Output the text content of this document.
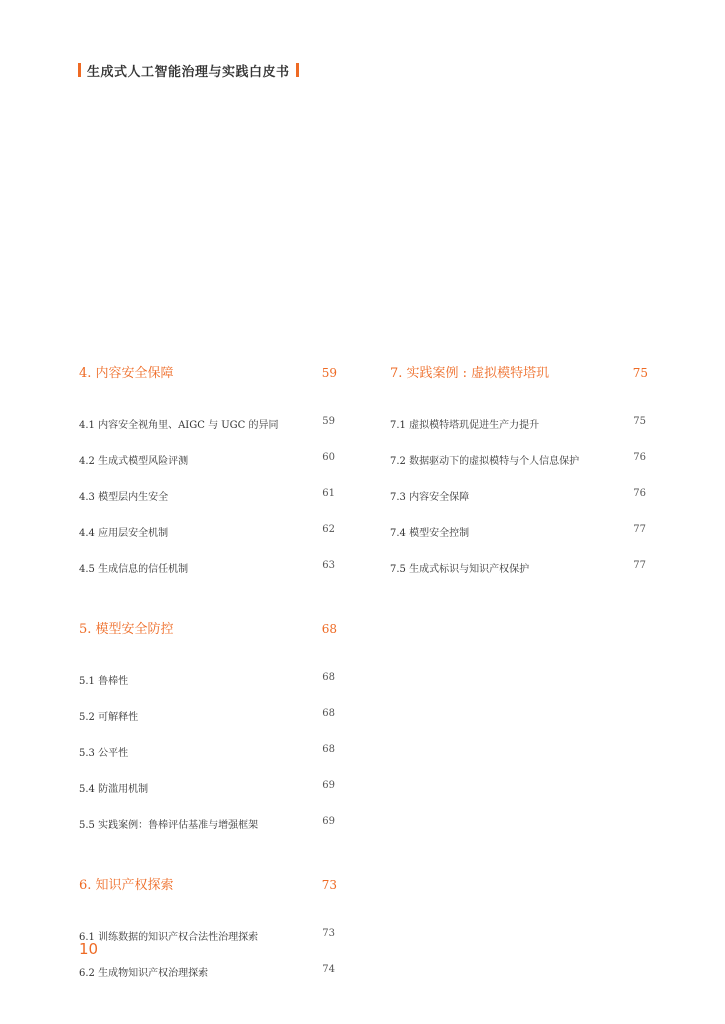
生成式人工智能治理与实践白皮书
4. 内容安全保障	59
4.1 内容安全视角里、AIGC 与 UGC 的异同	59
4.2 生成式模型风险评测	60
4.3 模型层内生安全	61
4.4 应用层安全机制	62
4.5 生成信息的信任机制	63
5. 模型安全防控	68
5.1 鲁棒性	68
5.2 可解释性	68
5.3 公平性	68
5.4 防滥用机制	69
5.5 实践案例：鲁棒评估基准与增强框架	69
6. 知识产权探索	73
6.1 训练数据的知识产权合法性治理探索	73
6.2 生成物知识产权治理探索	74
7. 实践案例 : 虚拟模特塔玑	75
7.1 虚拟模特塔玑促进生产力提升	75
7.2 数据驱动下的虚拟模特与个人信息保护	76
7.3 内容安全保障	76
7.4 模型安全控制	77
7.5 生成式标识与知识产权保护	77
10
